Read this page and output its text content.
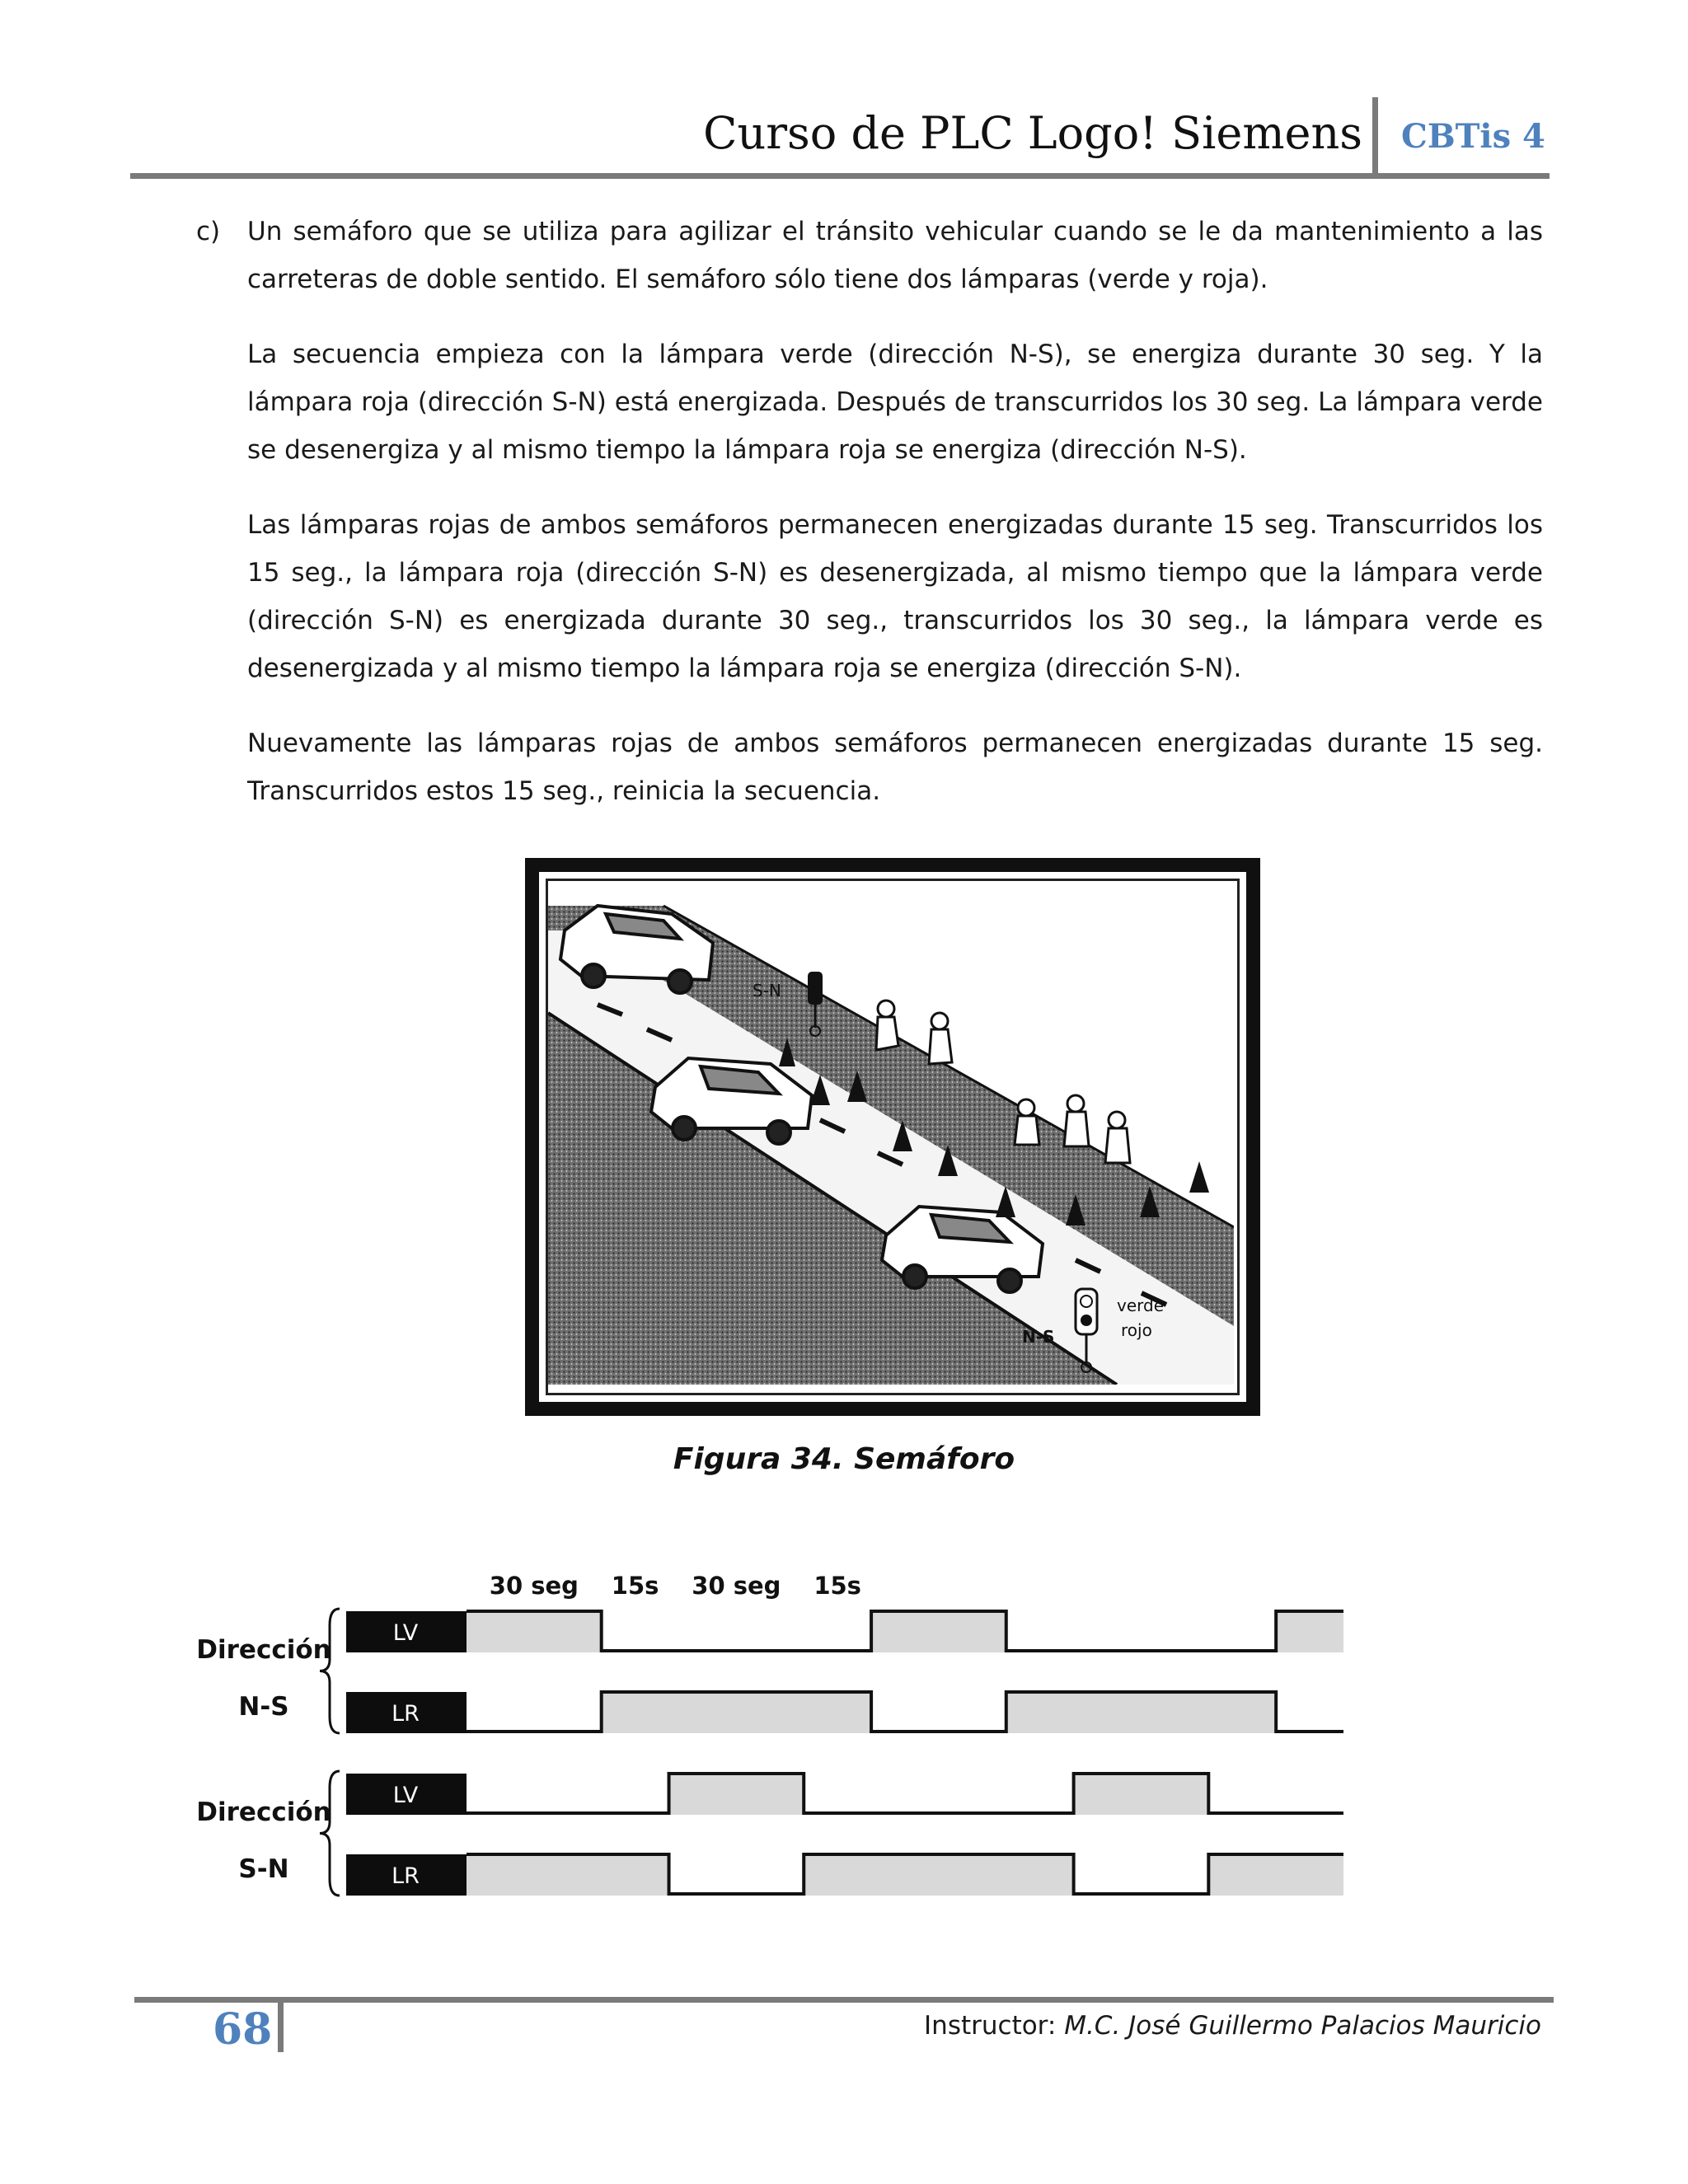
Curso de PLC Logo! Siemens CBTis 4
c)	Un semáforo que se utiliza para agilizar el tránsito vehicular cuando se le da mantenimiento a las carreteras de doble sentido. El semáforo sólo tiene dos lámparas (verde y roja).

La secuencia empieza con la lámpara verde (dirección N-S), se energiza durante 30 seg. Y la lámpara roja (dirección S-N) está energizada. Después de transcurridos los 30 seg. La lámpara verde se desenergiza y al mismo tiempo la lámpara roja se energiza (dirección N-S).

Las lámparas rojas de ambos semáforos permanecen energizadas durante 15 seg. Transcurridos los 15 seg., la lámpara roja (dirección S-N) es desenergizada, al mismo tiempo que la lámpara verde (dirección S-N) es energizada durante 30 seg., transcurridos los 30 seg., la lámpara verde es desenergizada y al mismo tiempo la lámpara roja se energiza (dirección S-N).

Nuevamente las lámparas rojas de ambos semáforos permanecen energizadas durante 15 seg. Transcurridos estos 15 seg., reinicia la secuencia.

S-N
verde
rojo
N-S
Figura 34. Semáforo
30 seg 15s 30 seg 15s
Dirección
N-S
LV
LR
Dirección
S-N
LV
LR
68	Instructor: M.C. José Guillermo Palacios Mauricio
